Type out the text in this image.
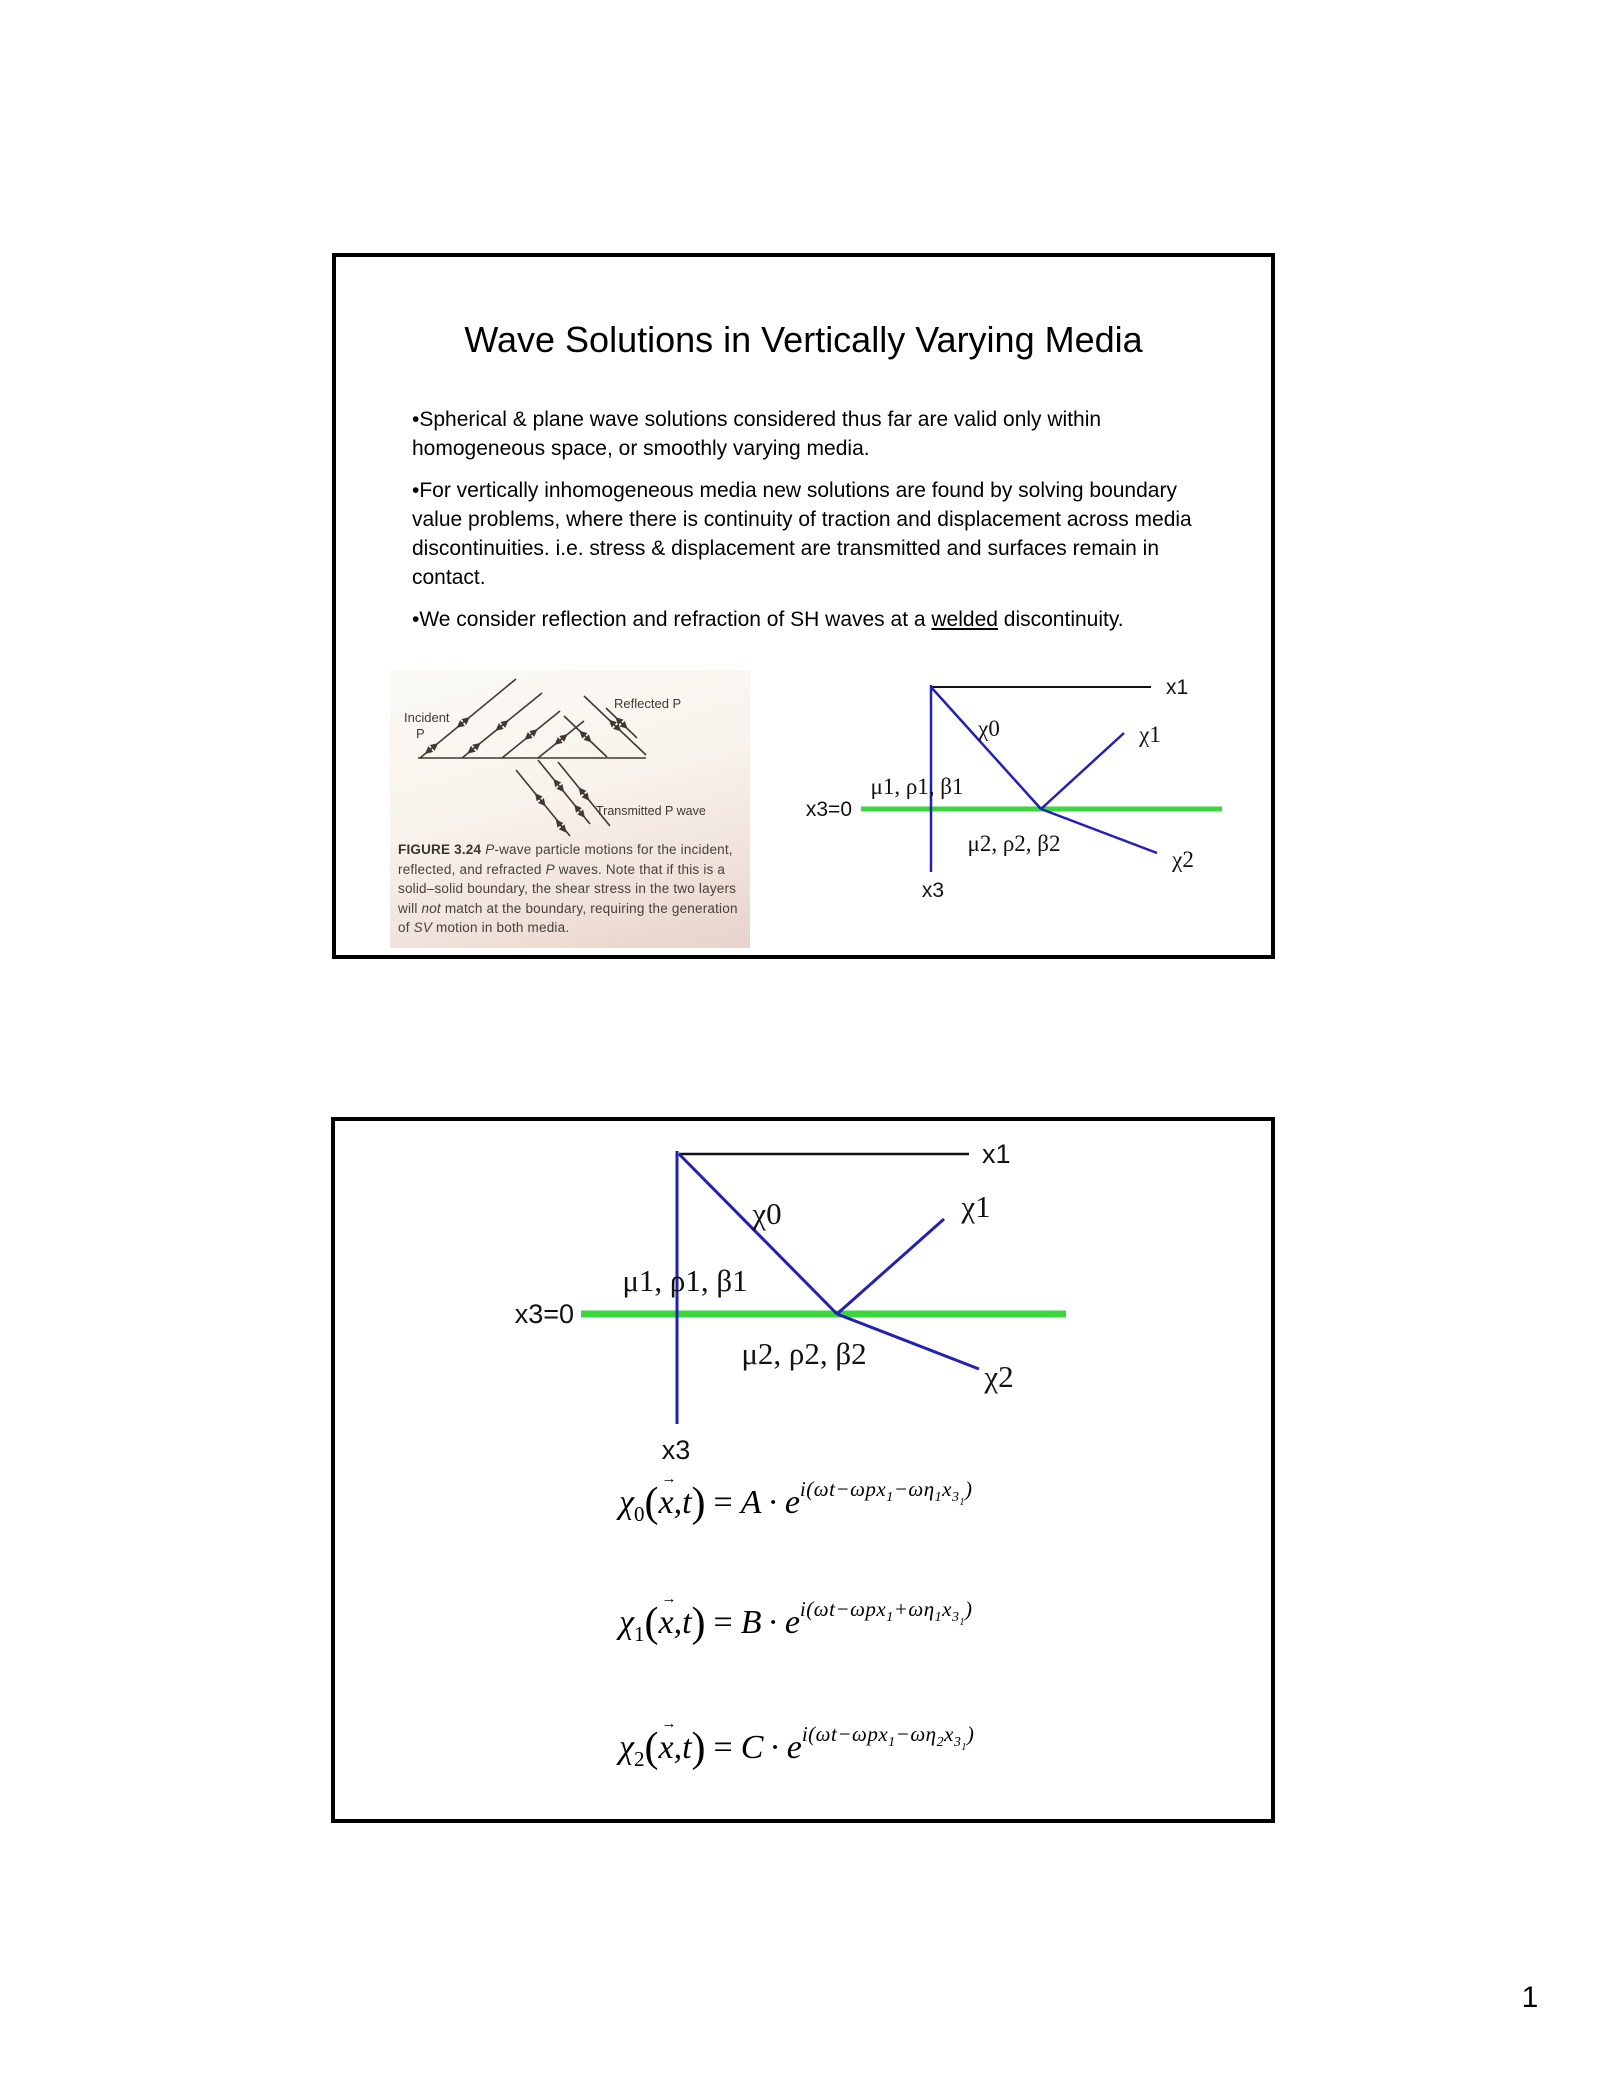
Wave Solutions in Vertically Varying Media

•Spherical & plane wave solutions considered thus far are valid only within homogeneous space, or smoothly varying media.

•For vertically inhomogeneous media new solutions are found by solving boundary value problems, where there is continuity of traction and displacement across media discontinuities. i.e. stress & displacement are transmitted and surfaces remain in contact.

•We consider reflection and refraction of SH waves at a welded discontinuity.

Incident
P
Reflected P
Transmitted P wave
FIGURE 3.24 P-wave particle motions for the incident, reflected, and refracted P waves. Note that if this is a solid–solid boundary, the shear stress in the two layers will not match at the boundary, requiring the generation of SV motion in both media.
x1
x3
x3=0
χ0	χ1
χ2
μ1, ρ1, β1
μ2, ρ2, β2
x1
x3
x3=0
χ0	χ1
χ2
μ1, ρ1, β1
μ2, ρ2, β2
$\chi_0(x$
→
$,t) = A \cdot e^{i(\omega t-\omega px_1-\omega\eta_1x_{31})}$
$\chi_1(x$
→
$,t) = B \cdot e^{i(\omega t-\omega px_1+\omega\eta_1x_{31})}$
$\chi_2(x$
→
$,t) = C \cdot e^{i(\omega t-\omega px_1-\omega\eta_2x_{31})}$
1
